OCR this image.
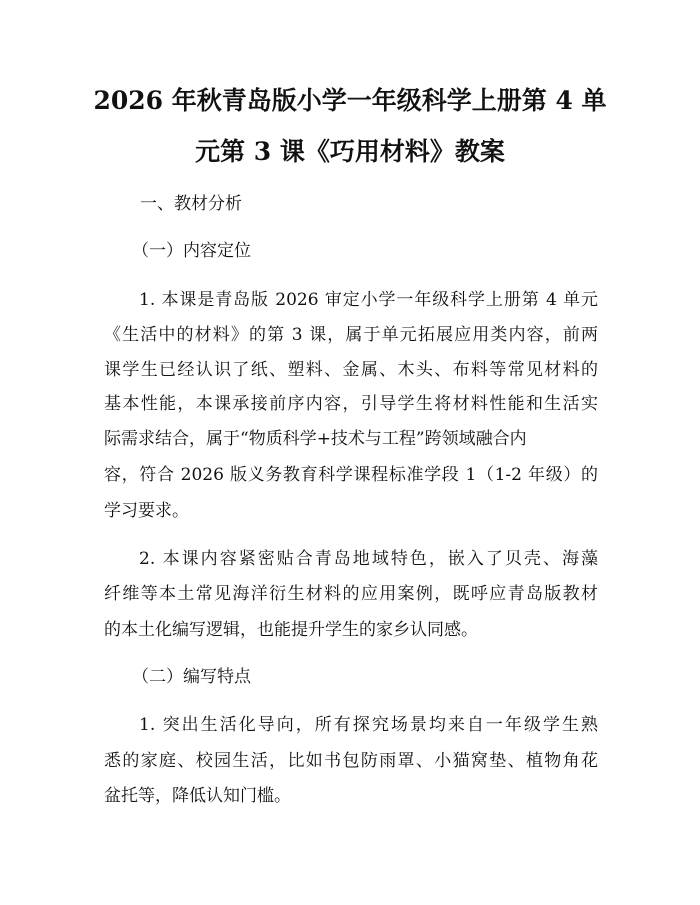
2026 年秋青岛版小学一年级科学上册第 4 单
元第 3 课《巧用材料》教案
一、教材分析
（一）内容定位
1. 本课是青岛版 2026 审定小学一年级科学上册第 4 单元
《生活中的材料》的第 3 课，属于单元拓展应用类内容，前两
课学生已经认识了纸、塑料、金属、木头、布料等常见材料的
基本性能，本课承接前序内容，引导学生将材料性能和生活实
际需求结合，属于“物质科学+技术与工程”跨领域融合内
容，符合 2026 版义务教育科学课程标准学段 1（1-2 年级）的
学习要求。
2. 本课内容紧密贴合青岛地域特色，嵌入了贝壳、海藻
纤维等本土常见海洋衍生材料的应用案例，既呼应青岛版教材
的本土化编写逻辑，也能提升学生的家乡认同感。
（二）编写特点
1. 突出生活化导向，所有探究场景均来自一年级学生熟
悉的家庭、校园生活，比如书包防雨罩、小猫窝垫、植物角花
盆托等，降低认知门槛。
